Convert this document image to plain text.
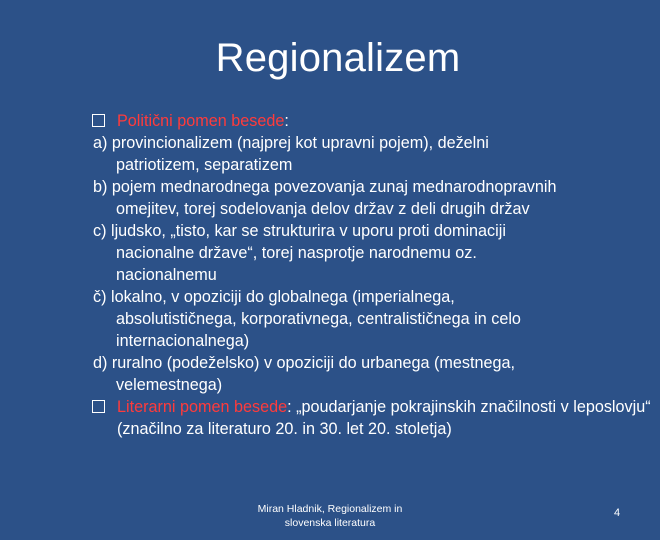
Regionalizem
Politični pomen besede:
a) provincionalizem (najprej kot upravni pojem), deželni
patriotizem, separatizem
b) pojem mednarodnega povezovanja zunaj mednarodnopravnih
omejitev, torej sodelovanja delov držav z deli drugih držav
c) ljudsko, „tisto, kar se strukturira v uporu proti dominaciji
nacionalne države“, torej nasprotje narodnemu oz. nacionalnemu
č) lokalno, v opoziciji do globalnega (imperialnega,
absolutističnega, korporativnega, centralističnega in celo internacionalnega)
d) ruralno (podeželsko) v opoziciji do urbanega (mestnega,
velemestnega)
Literarni pomen besede: „poudarjanje pokrajinskih značilnosti v leposlovju“ (značilno za literaturo 20. in 30. let 20. stoletja)
Miran Hladnik, Regionalizem in slovenska literatura
4
